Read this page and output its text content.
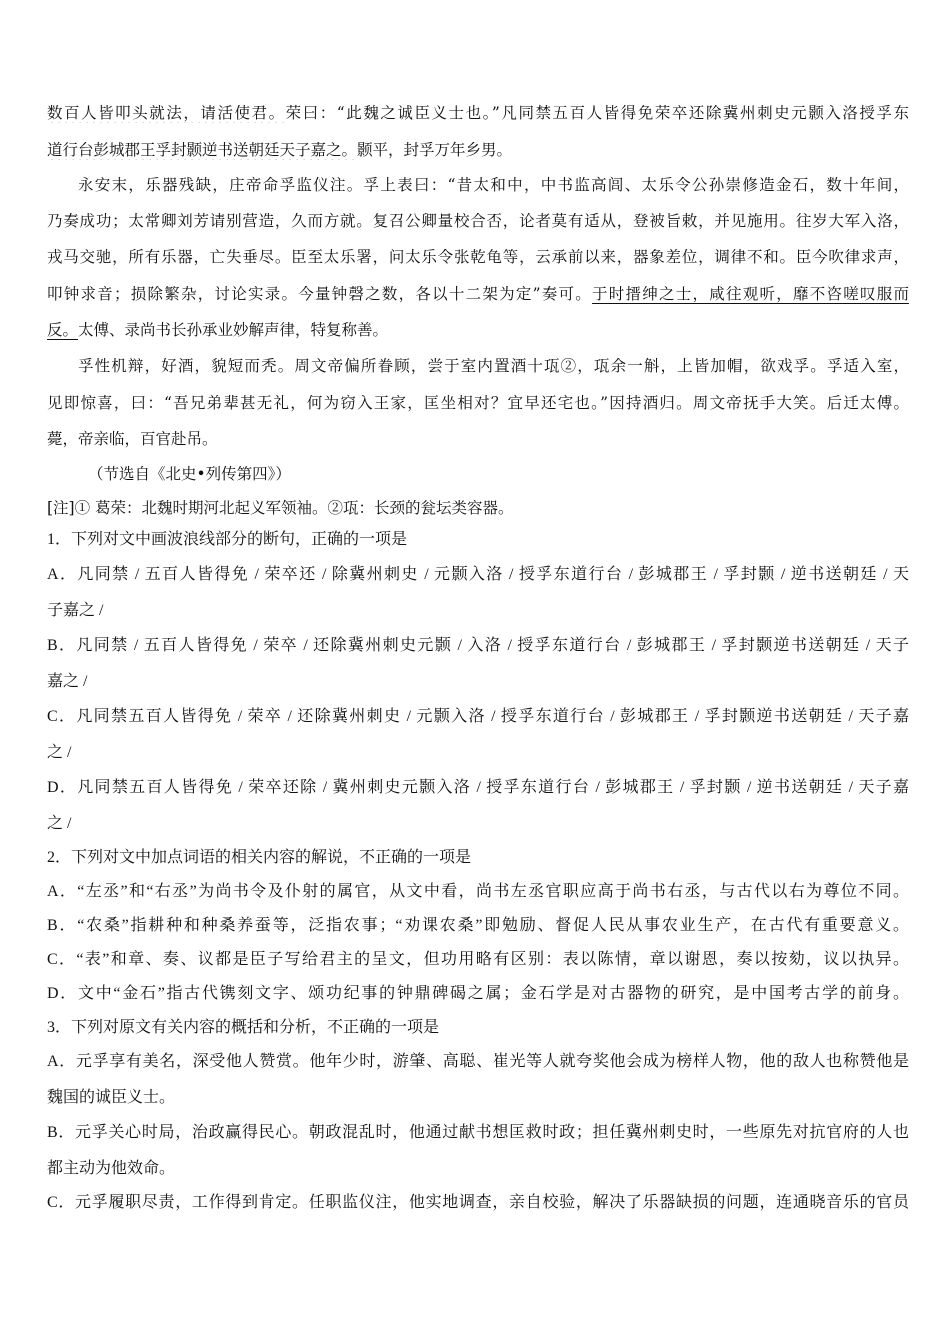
数百人皆叩头就法，请活使君。荣曰：“此魏之诚臣义士也。”凡同禁五百人皆得免荣卒还除冀州刺史元颢入洛授孚东
道行台彭城郡王孚封颢逆书送朝廷天子嘉之。颢平，封孚万年乡男。
永安末，乐器残缺，庄帝命孚监仪注。孚上表曰：“昔太和中，中书监高闾、太乐令公孙崇修造金石，数十年间，
乃奏成功；太常卿刘芳请别营造，久而方就。复召公卿量校合否，论者莫有适从，登被旨敕，并见施用。往岁大军入洛，
戎马交驰，所有乐器，亡失垂尽。臣至太乐署，问太乐令张乾龟等，云承前以来，器象差位，调律不和。臣今吹律求声，
叩钟求音；损除繁杂，讨论实录。今量钟磬之数，各以十二架为定”奏可。于时搢绅之士，咸往观听，靡不咨嗟叹服而
反。太傅、录尚书长孙承业妙解声律，特复称善。
孚性机辩，好酒，貌短而秃。周文帝偏所眷顾，尝于室内置酒十瓨②，瓨余一斛，上皆加帽，欲戏孚。孚适入室，
见即惊喜，曰：“吾兄弟辈甚无礼，何为窃入王家，匡坐相对？宜早还宅也。”因持酒归。周文帝抚手大笑。后迁太傅。
薨，帝亲临，百官赴吊。
（节选自《北史•列传第四》）
[注]① 葛荣：北魏时期河北起义军领袖。②瓨：长颈的瓮坛类容器。
1．下列对文中画波浪线部分的断句，正确的一项是
A．凡同禁 / 五百人皆得免 / 荣卒还 / 除冀州刺史 / 元颢入洛 / 授孚东道行台 / 彭城郡王 / 孚封颢 / 逆书送朝廷 / 天
子嘉之 /
B．凡同禁 / 五百人皆得免 / 荣卒 / 还除冀州刺史元颢 / 入洛 / 授孚东道行台 / 彭城郡王 / 孚封颢逆书送朝廷 / 天子
嘉之 /
C．凡同禁五百人皆得免 / 荣卒 / 还除冀州刺史 / 元颢入洛 / 授孚东道行台 / 彭城郡王 / 孚封颢逆书送朝廷 / 天子嘉
之 /
D．凡同禁五百人皆得免 / 荣卒还除 / 冀州刺史元颢入洛 / 授孚东道行台 / 彭城郡王 / 孚封颢 / 逆书送朝廷 / 天子嘉
之 /
2．下列对文中加点词语的相关内容的解说，不正确的一项是
A．“左丞”和“右丞”为尚书令及仆射的属官，从文中看，尚书左丞官职应高于尚书右丞，与古代以右为尊位不同。
B．“农桑”指耕种和种桑养蚕等，泛指农事；“劝课农桑”即勉励、督促人民从事农业生产，在古代有重要意义。
C．“表”和章、奏、议都是臣子写给君主的呈文，但功用略有区别：表以陈情，章以谢恩，奏以按劾，议以执异。
D．文中“金石”指古代镌刻文字、颂功纪事的钟鼎碑碣之属；金石学是对古器物的研究，是中国考古学的前身。
3．下列对原文有关内容的概括和分析，不正确的一项是
A．元孚享有美名，深受他人赞赏。他年少时，游肇、高聪、崔光等人就夸奖他会成为榜样人物，他的敌人也称赞他是
魏国的诚臣义士。
B．元孚关心时局，治政赢得民心。朝政混乱时，他通过献书想匡救时政；担任冀州刺史时，一些原先对抗官府的人也
都主动为他效命。
C．元孚履职尽责，工作得到肯定。任职监仪注，他实地调查，亲自校验，解决了乐器缺损的问题，连通晓音乐的官员
